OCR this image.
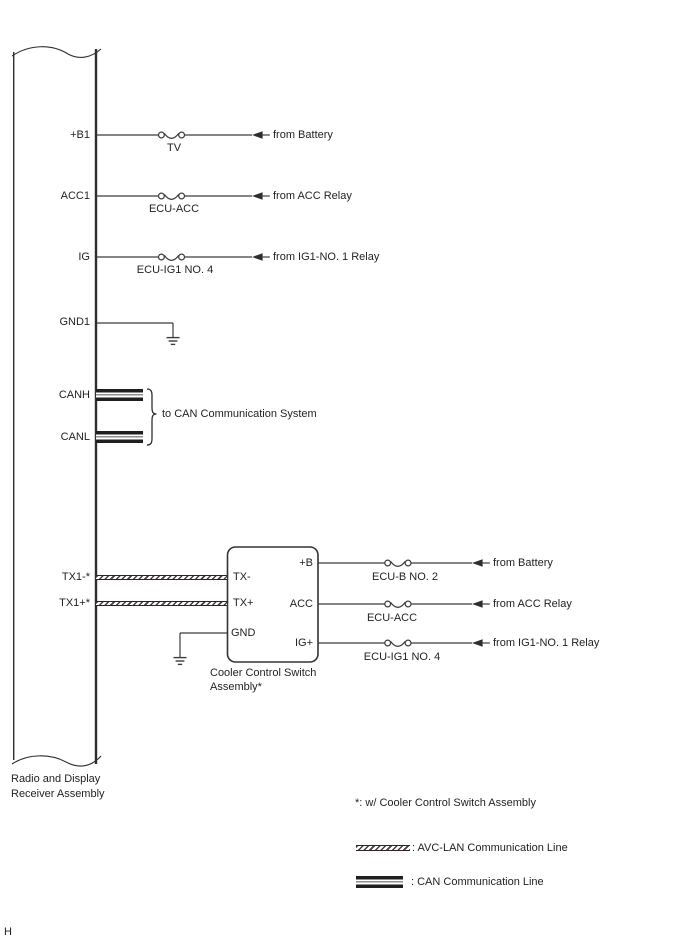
+B1
ACC1
IG
GND1
CANH
CANL
TX1-*
TX1+*
TV
ECU-ACC
ECU-IG1 NO. 4
from Battery
from ACC Relay
from IG1-NO. 1 Relay
to CAN Communication System
TX-
TX+
GND
+B
ACC
IG+
Cooler Control Switch
Assembly*
ECU-B NO. 2
ECU-ACC
ECU-IG1 NO. 4
from Battery
from ACC Relay
from IG1-NO. 1 Relay
Radio and Display
Receiver Assembly
*: w/ Cooler Control Switch Assembly
: AVC-LAN Communication Line
: CAN Communication Line
H
